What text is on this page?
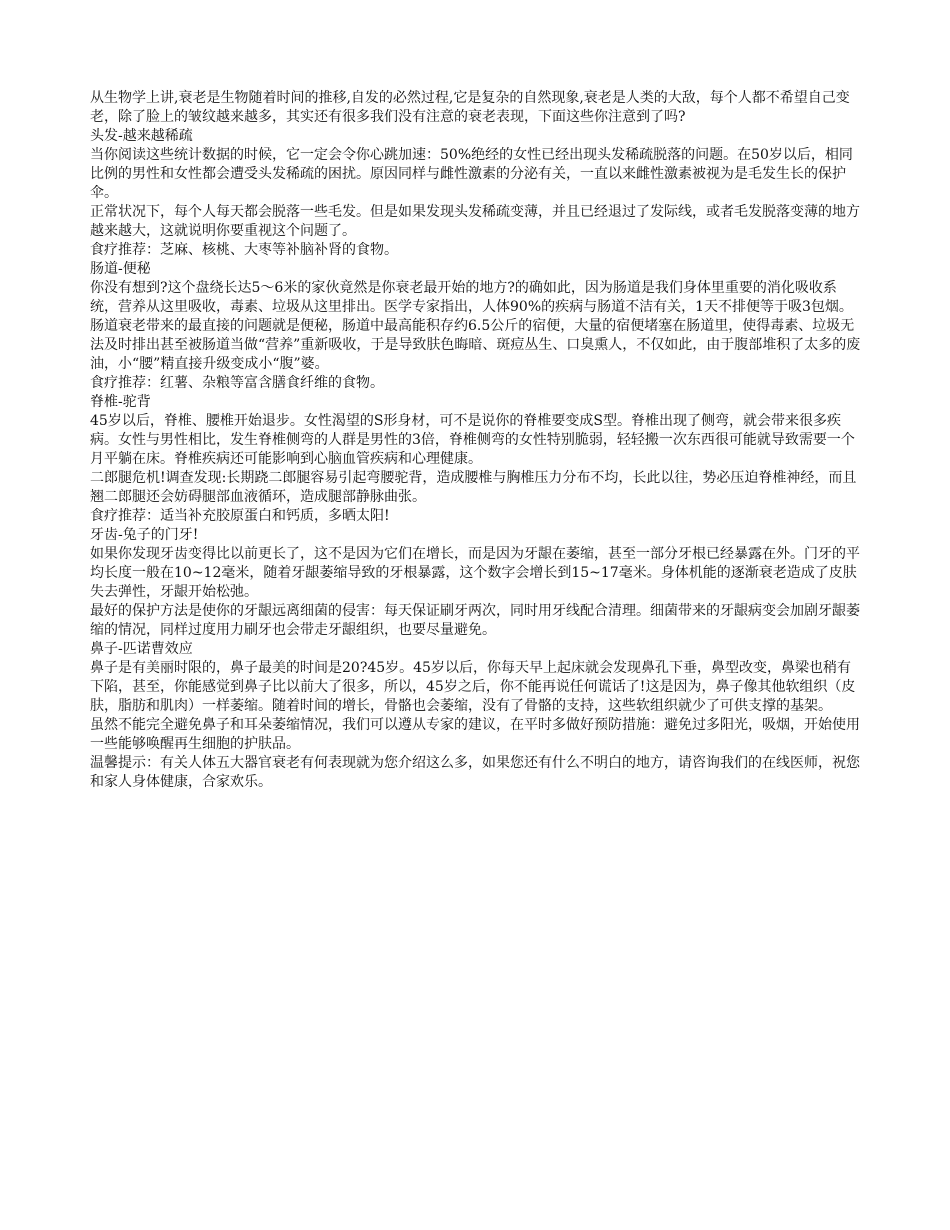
从生物学上讲,衰老是生物随着时间的推移,自发的必然过程,它是复杂的自然现象,衰老是人类的大敌，每个人都不希望自己变老，除了脸上的皱纹越来越多，其实还有很多我们没有注意的衰老表现，下面这些你注意到了吗?

头发-越来越稀疏

当你阅读这些统计数据的时候，它一定会令你心跳加速：50%绝经的女性已经出现头发稀疏脱落的问题。在50岁以后，相同比例的男性和女性都会遭受头发稀疏的困扰。原因同样与雌性激素的分泌有关，一直以来雌性激素被视为是毛发生长的保护伞。

正常状况下，每个人每天都会脱落一些毛发。但是如果发现头发稀疏变薄，并且已经退过了发际线，或者毛发脱落变薄的地方越来越大，这就说明你要重视这个问题了。

食疗推荐：芝麻、核桃、大枣等补脑补肾的食物。

肠道-便秘

你没有想到?这个盘绕长达5～6米的家伙竟然是你衰老最开始的地方?的确如此，因为肠道是我们身体里重要的消化吸收系统，营养从这里吸收，毒素、垃圾从这里排出。医学专家指出，人体90%的疾病与肠道不洁有关，1天不排便等于吸3包烟。

肠道衰老带来的最直接的问题就是便秘，肠道中最高能积存约6.5公斤的宿便，大量的宿便堵塞在肠道里，使得毒素、垃圾无法及时排出甚至被肠道当做“营养”重新吸收，于是导致肤色晦暗、斑痘丛生、口臭熏人，不仅如此，由于腹部堆积了太多的废油，小“腰”精直接升级变成小“腹”婆。

食疗推荐：红薯、杂粮等富含膳食纤维的食物。

脊椎-驼背

45岁以后，脊椎、腰椎开始退步。女性渴望的S形身材，可不是说你的脊椎要变成S型。脊椎出现了侧弯，就会带来很多疾病。女性与男性相比，发生脊椎侧弯的人群是男性的3倍，脊椎侧弯的女性特别脆弱，轻轻搬一次东西很可能就导致需要一个月平躺在床。脊椎疾病还可能影响到心脑血管疾病和心理健康。

二郎腿危机!调查发现:长期跷二郎腿容易引起弯腰驼背，造成腰椎与胸椎压力分布不均，长此以往，势必压迫脊椎神经，而且翘二郎腿还会妨碍腿部血液循环，造成腿部静脉曲张。

食疗推荐：适当补充胶原蛋白和钙质，多晒太阳!

牙齿-兔子的门牙!

如果你发现牙齿变得比以前更长了，这不是因为它们在增长，而是因为牙龈在萎缩，甚至一部分牙根已经暴露在外。门牙的平均长度一般在10~12毫米，随着牙龈萎缩导致的牙根暴露，这个数字会增长到15~17毫米。身体机能的逐渐衰老造成了皮肤失去弹性，牙龈开始松弛。

最好的保护方法是使你的牙龈远离细菌的侵害：每天保证刷牙两次，同时用牙线配合清理。细菌带来的牙龈病变会加剧牙龈萎缩的情况，同样过度用力刷牙也会带走牙龈组织，也要尽量避免。

鼻子-匹诺曹效应

鼻子是有美丽时限的，鼻子最美的时间是20?45岁。45岁以后，你每天早上起床就会发现鼻孔下垂，鼻型改变，鼻梁也稍有下陷，甚至，你能感觉到鼻子比以前大了很多，所以，45岁之后，你不能再说任何谎话了!这是因为，鼻子像其他软组织（皮肤，脂肪和肌肉）一样萎缩。随着时间的增长，骨骼也会萎缩，没有了骨骼的支持，这些软组织就少了可供支撑的基架。

虽然不能完全避免鼻子和耳朵萎缩情况，我们可以遵从专家的建议，在平时多做好预防措施：避免过多阳光，吸烟，开始使用一些能够唤醒再生细胞的护肤品。

温馨提示：有关人体五大器官衰老有何表现就为您介绍这么多，如果您还有什么不明白的地方，请咨询我们的在线医师，祝您和家人身体健康，合家欢乐。
